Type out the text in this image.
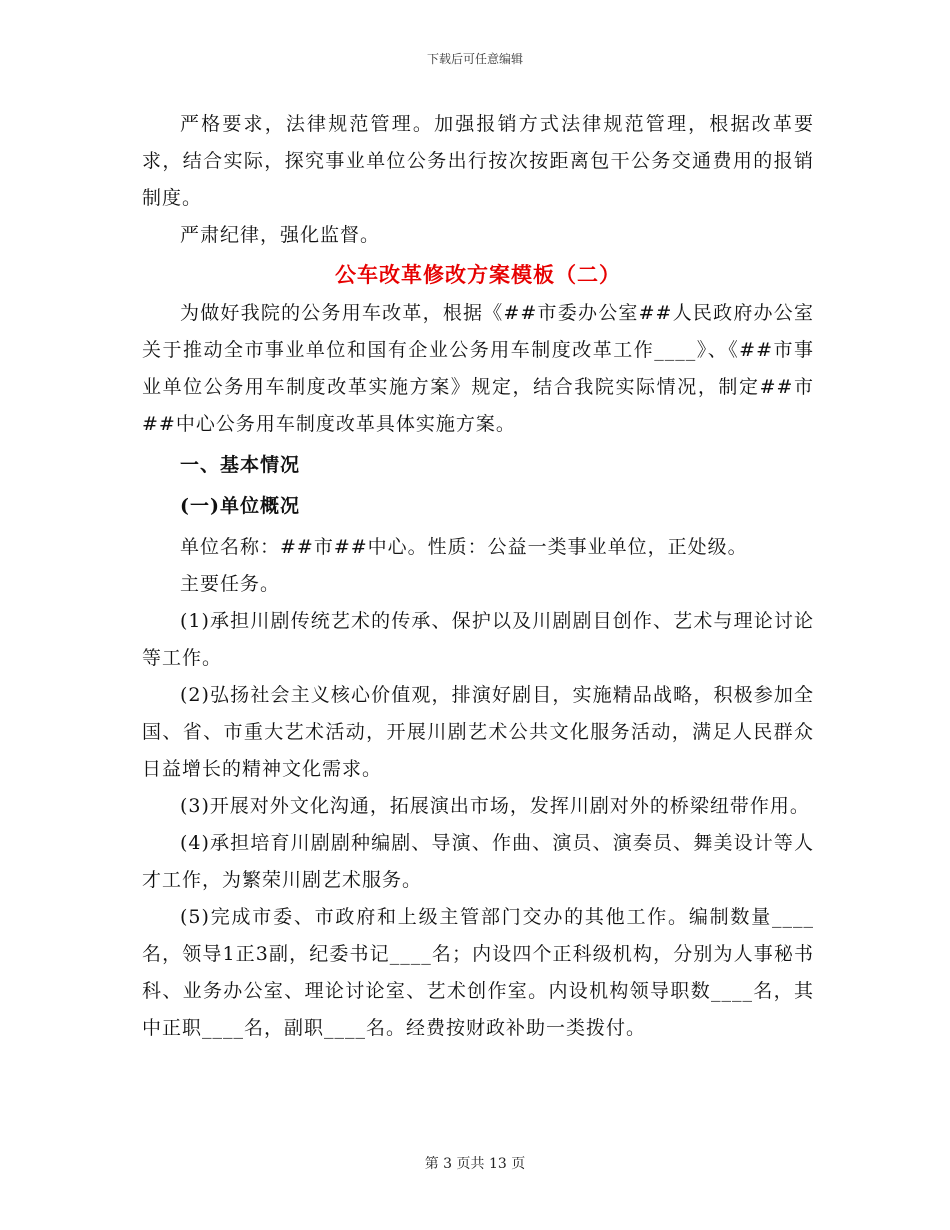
下载后可任意编辑
严格要求，法律规范管理。加强报销方式法律规范管理，根据改革要求，结合实际，探究事业单位公务出行按次按距离包干公务交通费用的报销制度。
严肃纪律，强化监督。
公车改革修改方案模板（二）
为做好我院的公务用车改革，根据《##市委办公室##人民政府办公室关于推动全市事业单位和国有企业公务用车制度改革工作____》、《##市事业单位公务用车制度改革实施方案》规定，结合我院实际情况，制定##市##中心公务用车制度改革具体实施方案。
一、基本情况
(一)单位概况
单位名称：##市##中心。性质：公益一类事业单位，正处级。
主要任务。
(1)承担川剧传统艺术的传承、保护以及川剧剧目创作、艺术与理论讨论等工作。
(2)弘扬社会主义核心价值观，排演好剧目，实施精品战略，积极参加全国、省、市重大艺术活动，开展川剧艺术公共文化服务活动，满足人民群众日益增长的精神文化需求。
(3)开展对外文化沟通，拓展演出市场，发挥川剧对外的桥梁纽带作用。
(4)承担培育川剧剧种编剧、导演、作曲、演员、演奏员、舞美设计等人才工作，为繁荣川剧艺术服务。
(5)完成市委、市政府和上级主管部门交办的其他工作。编制数量____名，领导1正3副，纪委书记____名；内设四个正科级机构，分别为人事秘书科、业务办公室、理论讨论室、艺术创作室。内设机构领导职数____名，其中正职____名，副职____名。经费按财政补助一类拨付。
第 3 页共 13 页
